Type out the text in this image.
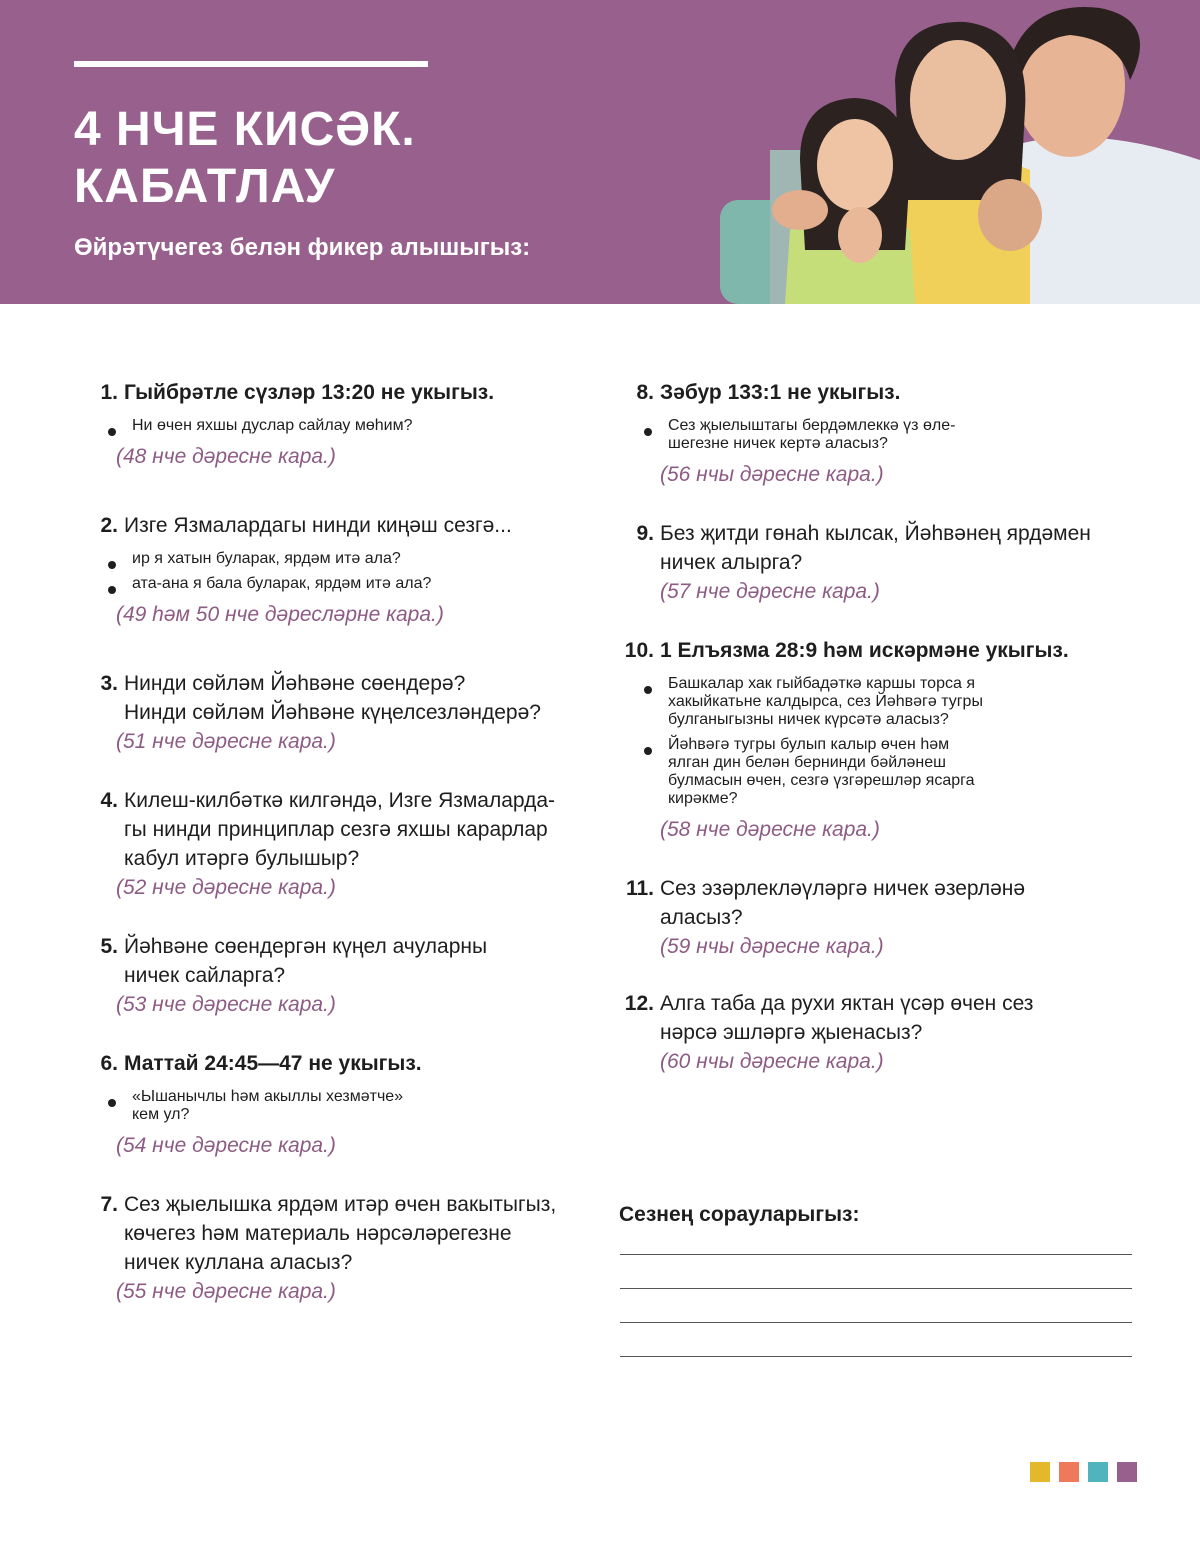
4 НЧЕ КИСӘК.
КАБАТЛАУ

Өйрәтүчегез белән фикер алышыгыз:

1. Гыйбрәтле сүзләр 13:20 не укыгыз.
Ни өчен яхшы дуслар сайлау мөһим?
(48 нче дәресне кара.)
2. Изге Язмалардагы нинди киңәш сезгә...
ир я хатын буларак, ярдәм итә ала?
ата-ана я бала буларак, ярдәм итә ала?
(49 һәм 50 нче дәресләрне кара.)
3. Нинди сөйләм Йәһвәне сөендерә?
Нинди сөйләм Йәһвәне күңелсезләндерә?
(51 нче дәресне кара.)
4. Килеш-килбәткә килгәндә, Изге Язмаларда-
гы нинди принциплар сезгә яхшы карарлар
кабул итәргә булышыр?
(52 нче дәресне кара.)
5. Йәһвәне сөендергән күңел ачуларны
ничек сайларга?
(53 нче дәресне кара.)
6. Маттай 24:45—47 не укыгыз.
«Ышанычлы һәм акыллы хезмәтче»
кем ул?
(54 нче дәресне кара.)
7. Сез җыелышка ярдәм итәр өчен вакытыгыз,
көчегез һәм материаль нәрсәләрегезне
ничек куллана аласыз?
(55 нче дәресне кара.)
8. Зәбур 133:1 не укыгыз.
Сез җыелыштагы бердәмлеккә үз өле-
шегезне ничек кертә аласыз?
(56 нчы дәресне кара.)
9. Без җитди гөнаһ кылсак, Йәһвәнең ярдәмен
ничек алырга?
(57 нче дәресне кара.)
10. 1 Елъязма 28:9 һәм искәрмәне укыгыз.
Башкалар хак гыйбадәткә каршы торса я
хакыйкатьне калдырса, сез Йәһвәгә тугры
булганыгызны ничек күрсәтә аласыз?
Йәһвәгә тугры булып калыр өчен һәм
ялган дин белән бернинди бәйләнеш
булмасын өчен, сезгә үзгәрешләр ясарга
кирәкме?
(58 нче дәресне кара.)
11. Сез эзәрлекләүләргә ничек әзерләнә
аласыз?
(59 нчы дәресне кара.)
12. Алга таба да рухи яктан үсәр өчен сез
нәрсә эшләргә җыенасыз?
(60 нчы дәресне кара.)

Сезнең сорауларыгыз:
